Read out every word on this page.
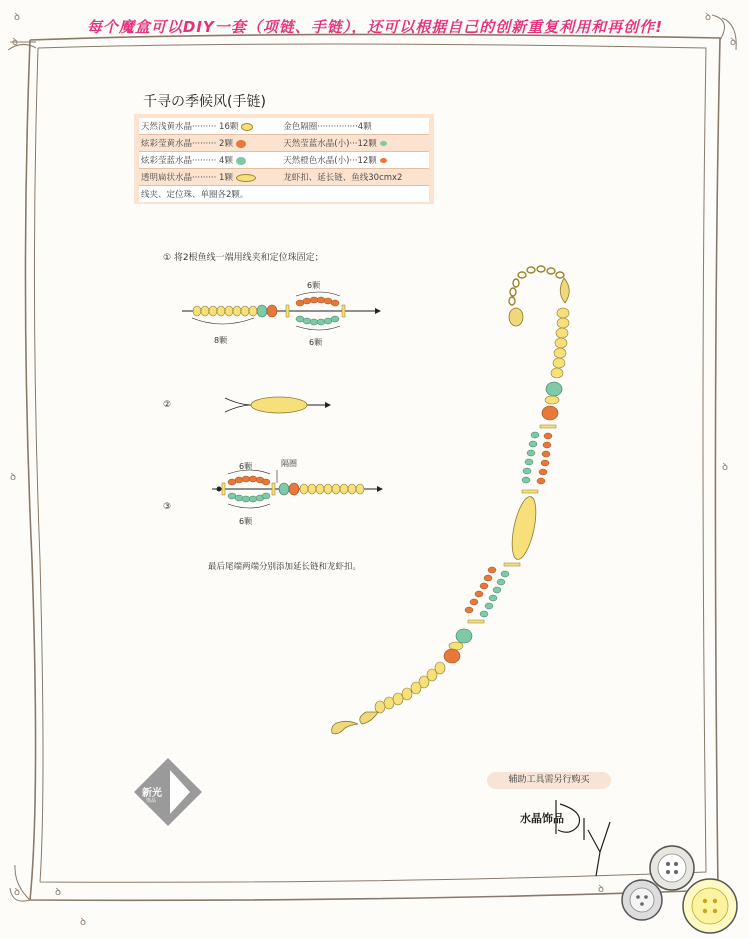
ꝺ	ꝺ
ꝺ
ꝺ	ꝺ
ꝺ
ꝺ
ꝺ
ꝺ
ꝺ
每个魔盒可以DIY一套（项链、手链），还可以根据自己的创新重复利用和再创作!
千寻の季候风(手链)
天然浅黄水晶········· 16颗	金色隔圈···············4颗
炫彩莹黄水晶········· 2颗	天然莹蓝水晶(小)···12颗
炫彩莹蓝水晶········· 4颗	天然橙色水晶(小)···12颗
透明扁状水晶········· 1颗	龙虾扣、延长链、鱼线30cmx2
线夹、定位珠、单圈各2颗。	
① 将2根鱼线一端用线夹和定位珠固定；
②
③
6颗
8颗	6颗
6颗	隔圈
6颗
最后尾端两端分别添加延长链和龙虾扣。
辅助工具需另行购买
水晶饰品
新光
饰品
